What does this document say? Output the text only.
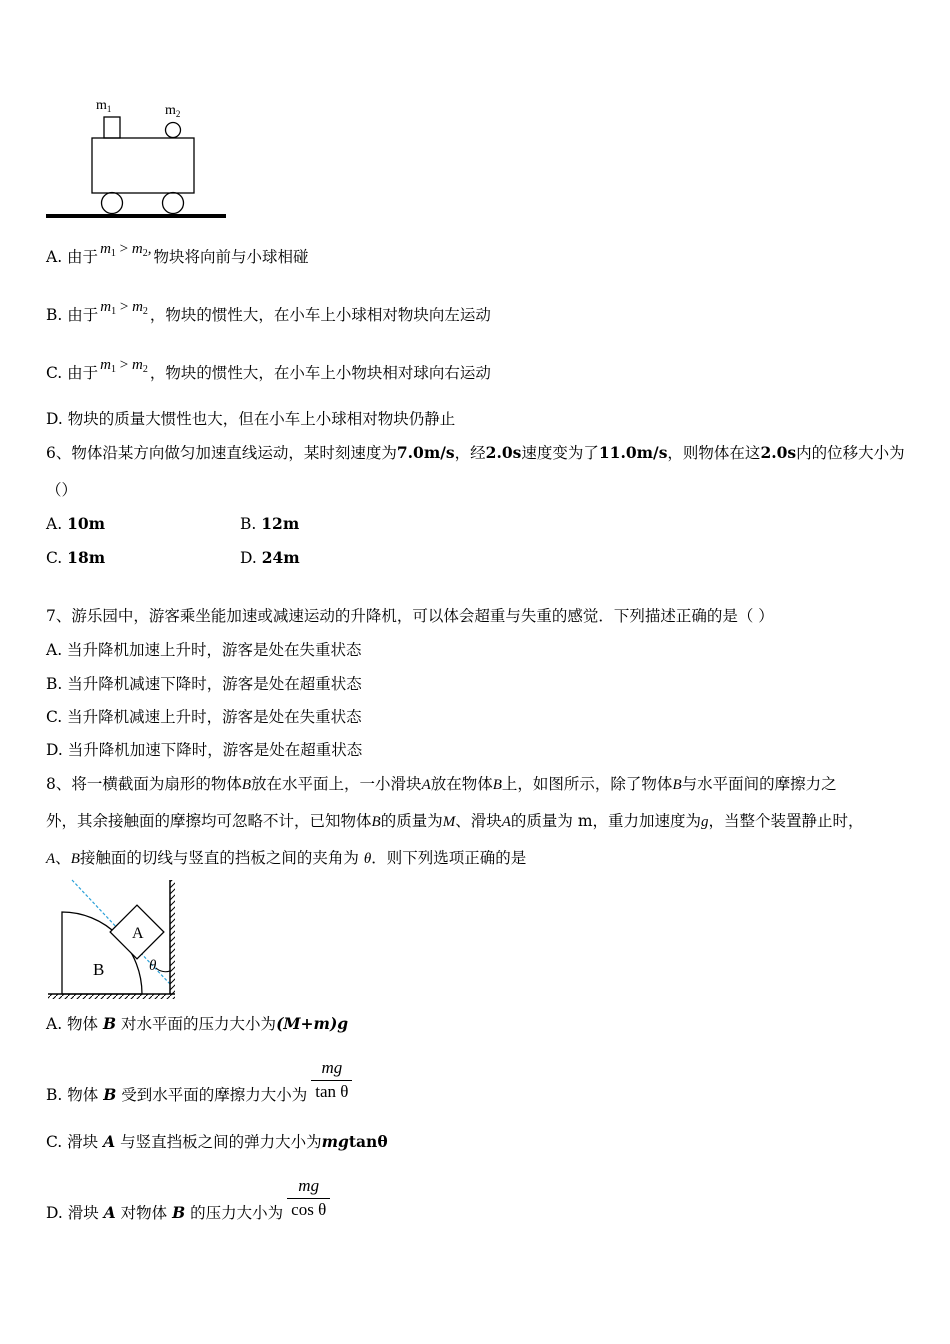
$m_1$	$m_2$
A. 由于 $m_1 > m_2$, 物块将向前与小球相碰
B. 由于 $m_1 > m_2$ ，物块的惯性大，在小车上小球相对物块向左运动
C. 由于 $m_1 > m_2$ ，物块的惯性大，在小车上小物块相对球向右运动
D. 物块的质量大惯性也大，但在小车上小球相对物块仍静止
6、物体沿某方向做匀加速直线运动，某时刻速度为7.0m/s，经2.0s速度变为了11.0m/s，则物体在这2.0s内的位移大小为
（）
A. 10m	B. 12m
C. 18m	D. 24m
7、游乐园中，游客乘坐能加速或减速运动的升降机，可以体会超重与失重的感觉．下列描述正确的是（ ）
A. 当升降机加速上升时，游客是处在失重状态
B. 当升降机减速下降时，游客是处在超重状态
C. 当升降机减速上升时，游客是处在失重状态
D. 当升降机加速下降时，游客是处在超重状态
8、将一横截面为扇形的物体B放在水平面上，一小滑块A放在物体B上，如图所示，除了物体B与水平面间的摩擦力之
外，其余接触面的摩擦均可忽略不计，已知物体B的质量为M、滑块A的质量为 m，重力加速度为g，当整个装置静止时，
A、B接触面的切线与竖直的挡板之间的夹角为 θ．则下列选项正确的是
B
A
θ
A. 物体 B 对水平面的压力大小为(M+m)g
B. 物体 B 受到水平面的摩擦力大小为 $\frac{mg}{\text{tan θ}}$
C. 滑块 A 与竖直挡板之间的弹力大小为mgtanθ
D. 滑块 A 对物体 B 的压力大小为 $\frac{mg}{\text{cos θ}}$
